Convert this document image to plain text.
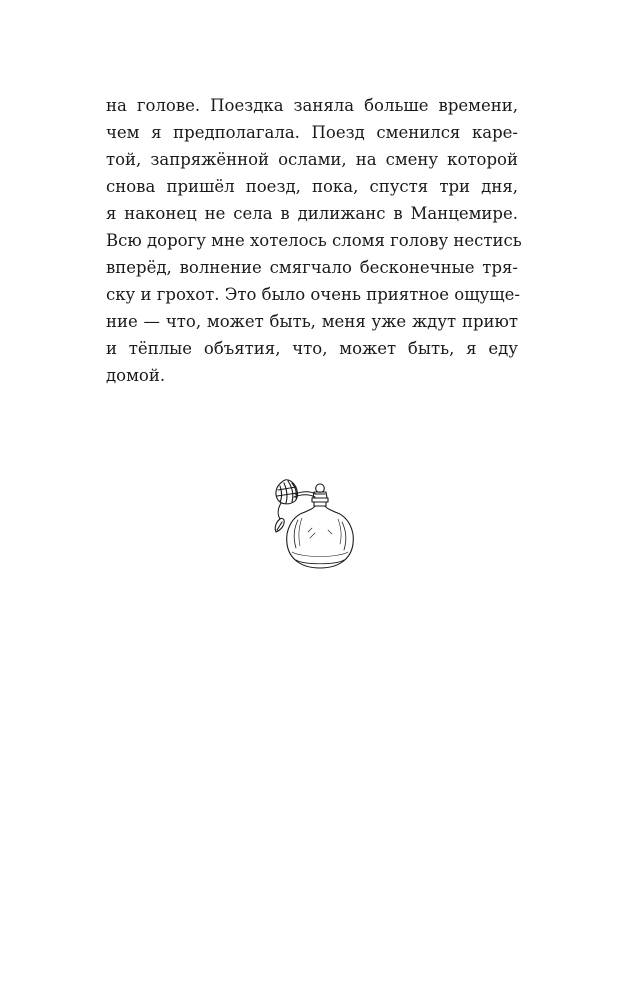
на голове. Поездка заняла больше времени,
чем я предполагала. Поезд сменился каре-
той, запряжённой ослами, на смену которой
снова пришёл поезд, пока, спустя три дня,
я наконец не села в дилижанс в Манцемире.
Всю дорогу мне хотелось сломя голову нестись
вперёд, волнение смягчало бесконечные тря-
ску и грохот. Это было очень приятное ощуще-
ние — что, может быть, меня уже ждут приют
и тёплые объятия, что, может быть, я еду
домой.
